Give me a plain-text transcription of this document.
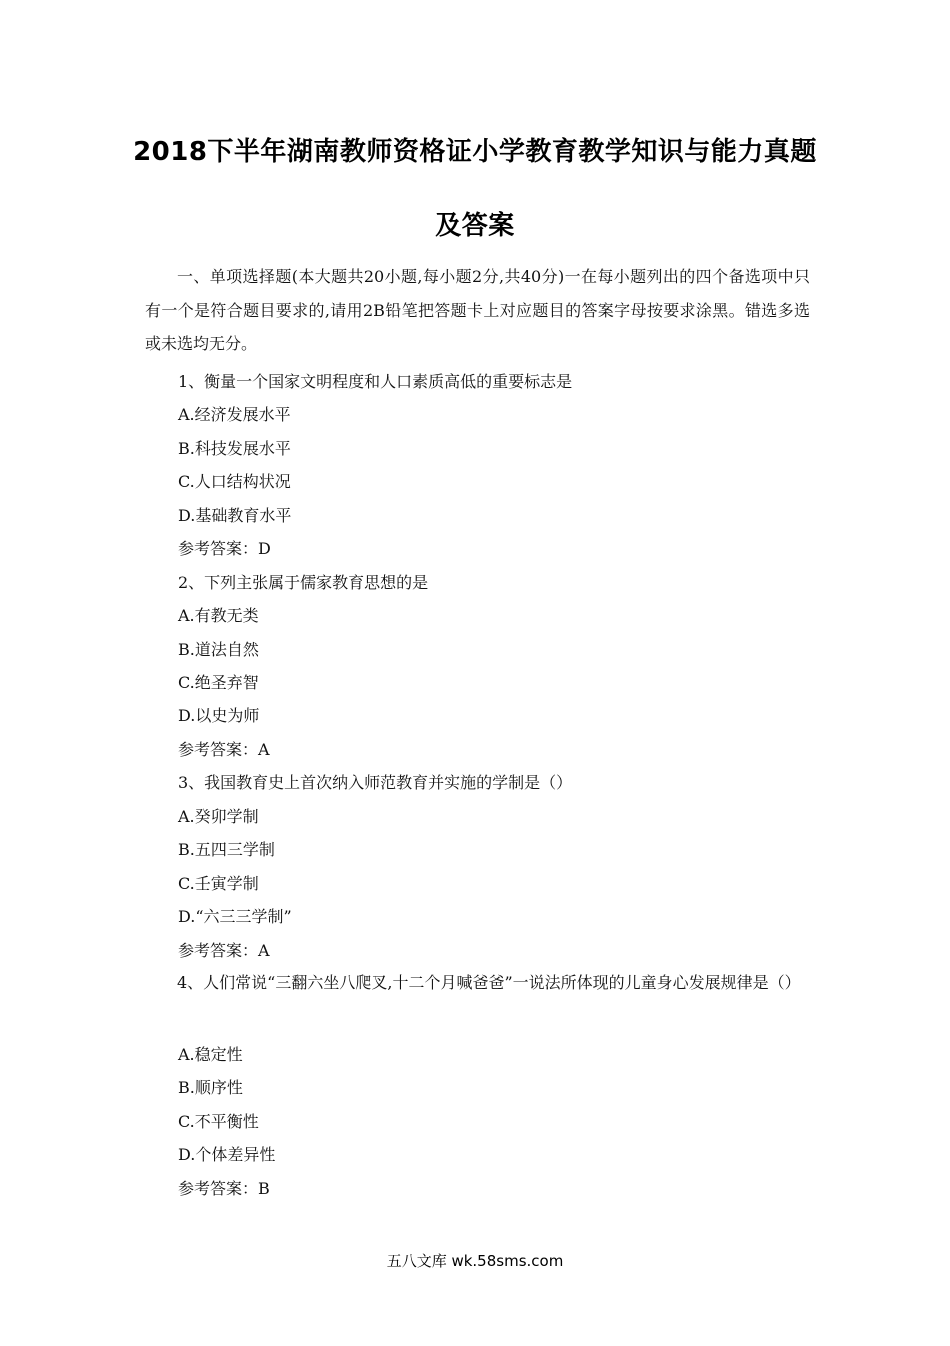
2018下半年湖南教师资格证小学教育教学知识与能力真题
及答案
一、单项选择题(本大题共20小题,每小题2分,共40分)一在每小题列出的四个备选项中只有一个是符合题目要求的,请用2B铅笔把答题卡上对应题目的答案字母按要求涂黑。错选多选或未选均无分。
1、衡量一个国家文明程度和人口素质高低的重要标志是
A.经济发展水平
B.科技发展水平
C.人口结构状况
D.基础教育水平
参考答案：D
2、下列主张属于儒家教育思想的是
A.有教无类
B.道法自然
C.绝圣弃智
D.以史为师
参考答案：A
3、我国教育史上首次纳入师范教育并实施的学制是（）
A.癸卯学制
B.五四三学制
C.壬寅学制
D.“六三三学制”
参考答案：A
4、人们常说“三翻六坐八爬叉,十二个月喊爸爸”一说法所体现的儿童身心发展规律是（）
A.稳定性
B.顺序性
C.不平衡性
D.个体差异性
参考答案：B
五八文库 wk.58sms.com
